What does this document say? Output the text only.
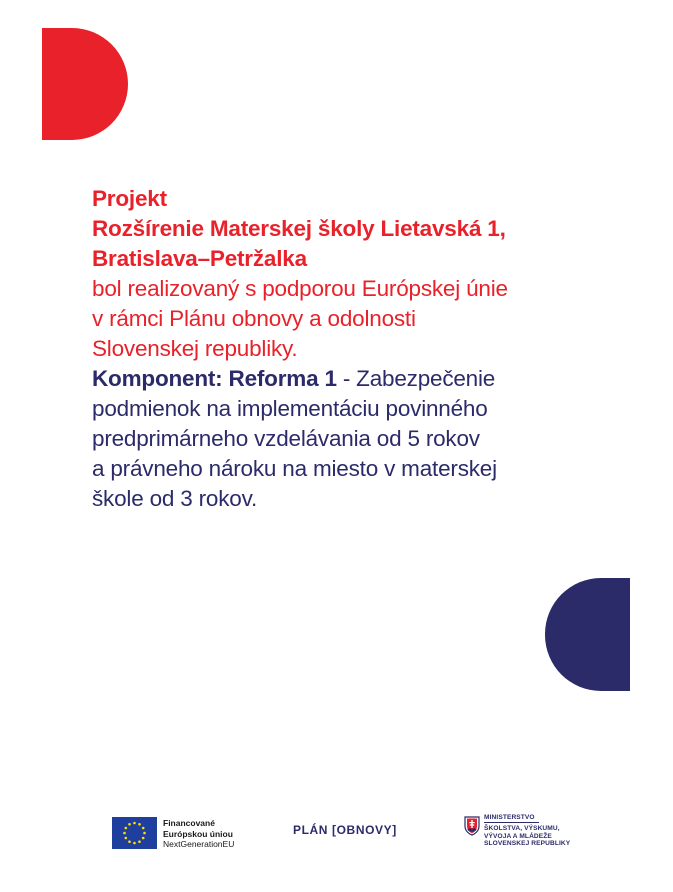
Projekt
Rozšírenie Materskej školy Lietavská 1,
Bratislava–Petržalka
bol realizovaný s podporou Európskej únie
v rámci Plánu obnovy a odolnosti
Slovenskej republiky.
Komponent: Reforma 1 - Zabezpečenie
podmienok na implementáciu povinného
predprimárneho vzdelávania od 5 rokov
a právneho nároku na miesto v materskej
škole od 3 rokov.
Financované
Európskou úniou
NextGenerationEU
PLÁN [OBNOVY]
MINISTERSTVO
ŠKOLSTVA, VÝSKUMU,
VÝVOJA A MLÁDEŽE
SLOVENSKEJ REPUBLIKY
